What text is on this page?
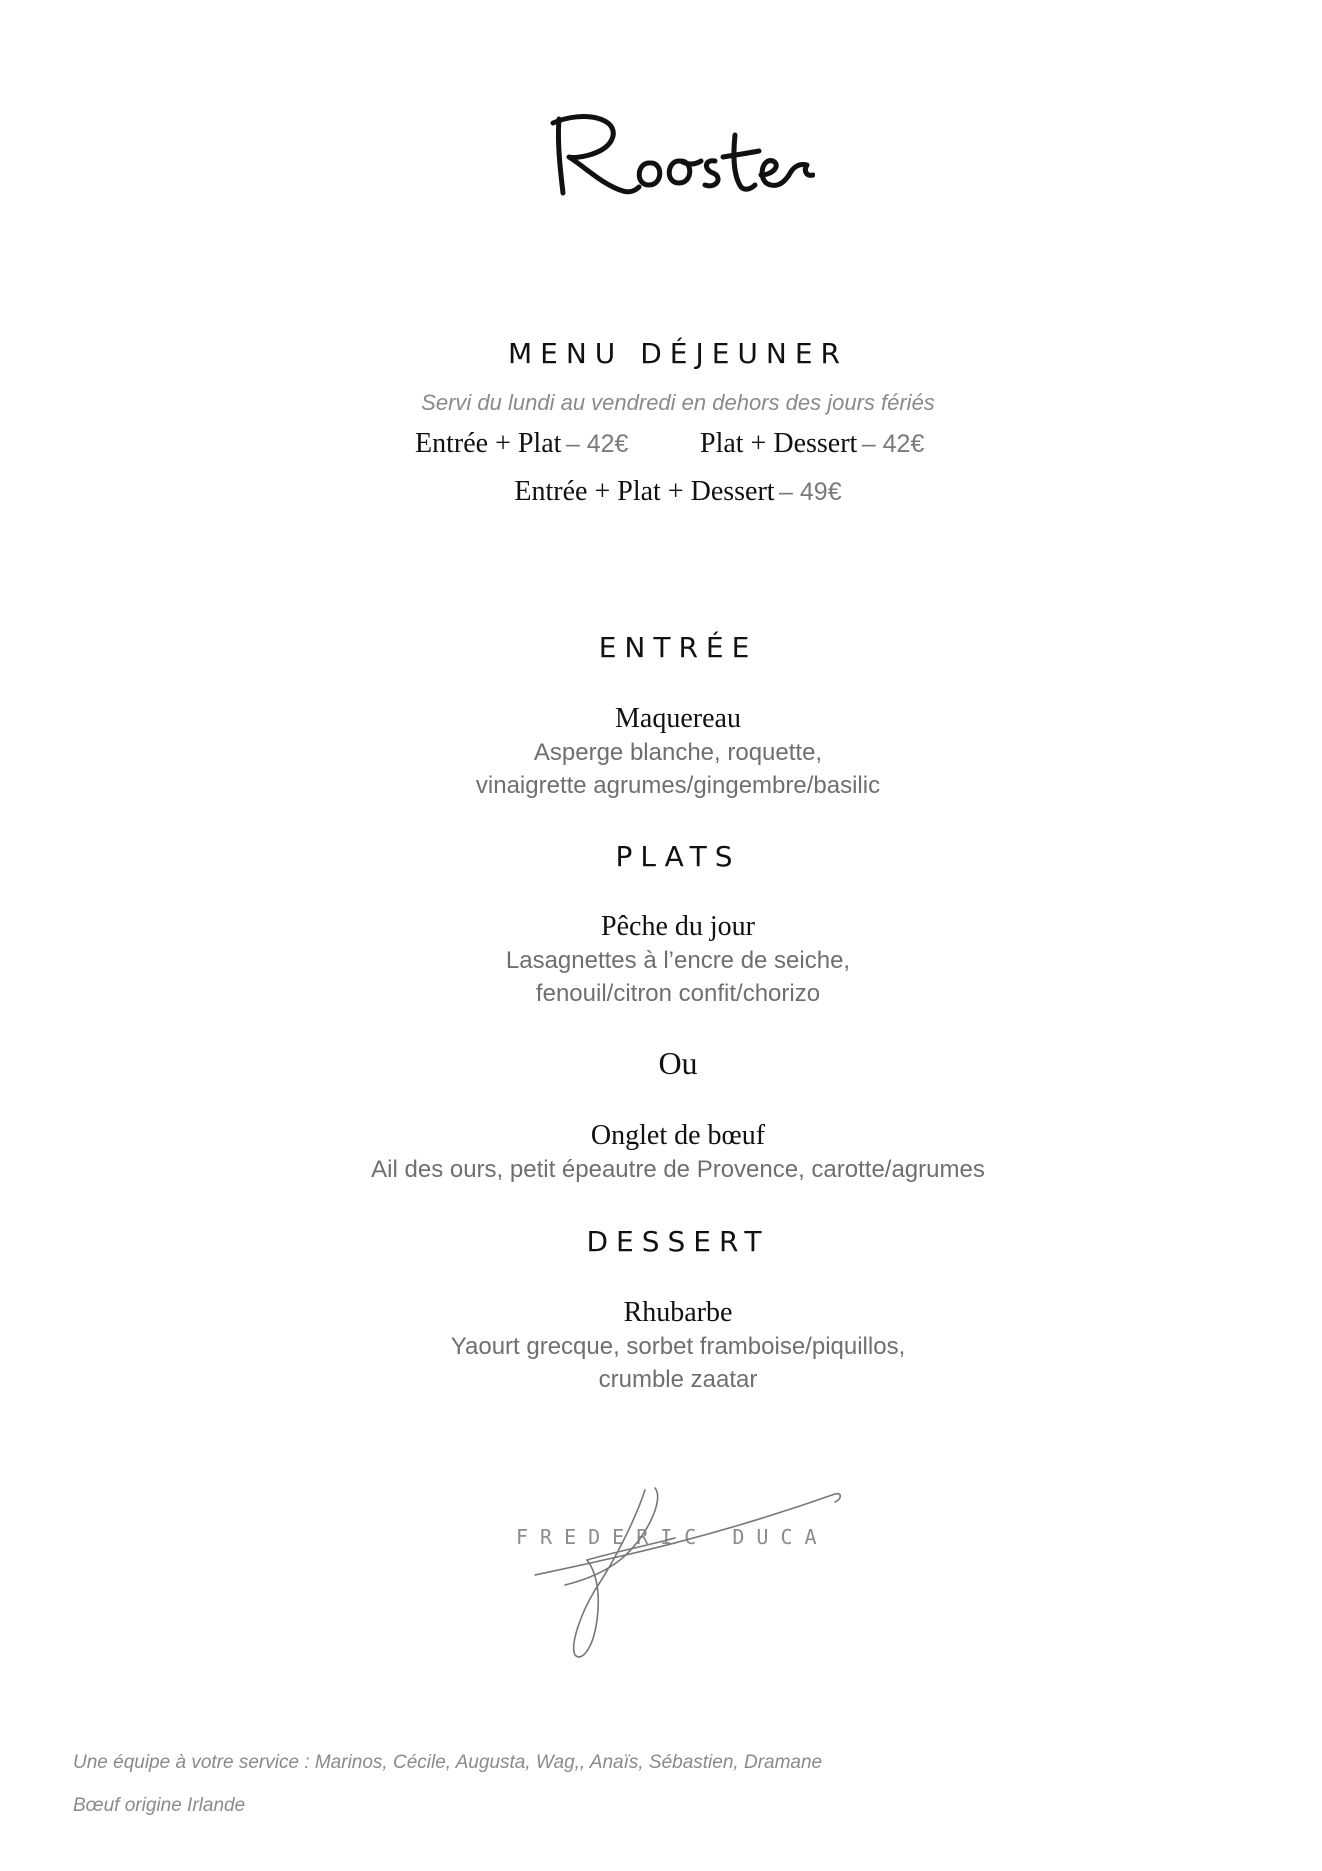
MENU DÉJEUNER
Servi du lundi au vendredi en dehors des jours fériés
Entrée + Plat – 42€	Plat + Dessert – 42€
Entrée + Plat + Dessert – 49€
ENTRÉE
Maquereau
Asperge blanche, roquette,
vinaigrette agrumes/gingembre/basilic
PLATS
Pêche du jour
Lasagnettes à l’encre de seiche,
fenouil/citron confit/chorizo
Ou
Onglet de bœuf
Ail des ours, petit épeautre de Provence, carotte/agrumes
DESSERT
Rhubarbe
Yaourt grecque, sorbet framboise/piquillos,
crumble zaatar
FREDERIC DUCA
Une équipe à votre service : Marinos, Cécile, Augusta, Wag,, Anaïs, Sébastien, Dramane
Bœuf origine Irlande
